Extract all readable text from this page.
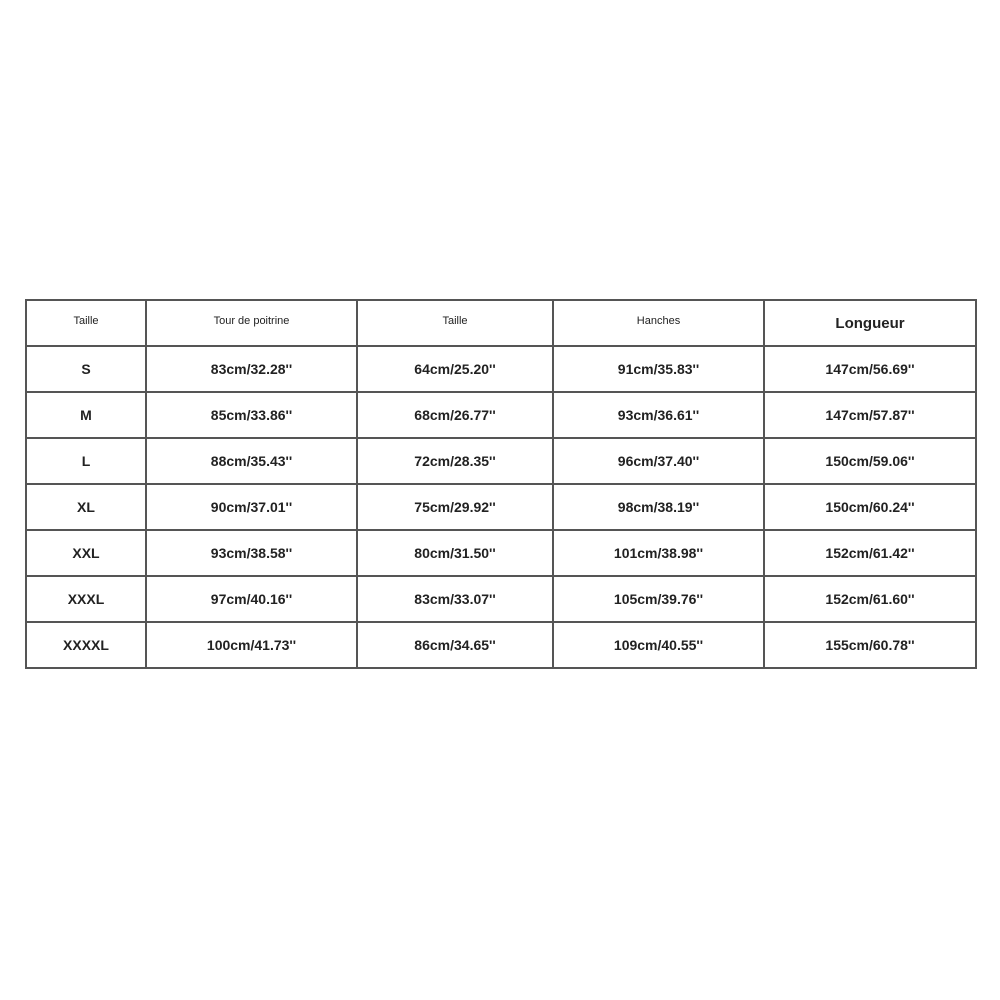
Taille	Tour de poitrine	Taille	Hanches	Longueur
S	83cm/32.28''	64cm/25.20''	91cm/35.83''	147cm/56.69''
M	85cm/33.86''	68cm/26.77''	93cm/36.61''	147cm/57.87''
L	88cm/35.43''	72cm/28.35''	96cm/37.40''	150cm/59.06''
XL	90cm/37.01''	75cm/29.92''	98cm/38.19''	150cm/60.24''
XXL	93cm/38.58''	80cm/31.50''	101cm/38.98''	152cm/61.42''
XXXL	97cm/40.16''	83cm/33.07''	105cm/39.76''	152cm/61.60''
XXXXL	100cm/41.73''	86cm/34.65''	109cm/40.55''	155cm/60.78''
